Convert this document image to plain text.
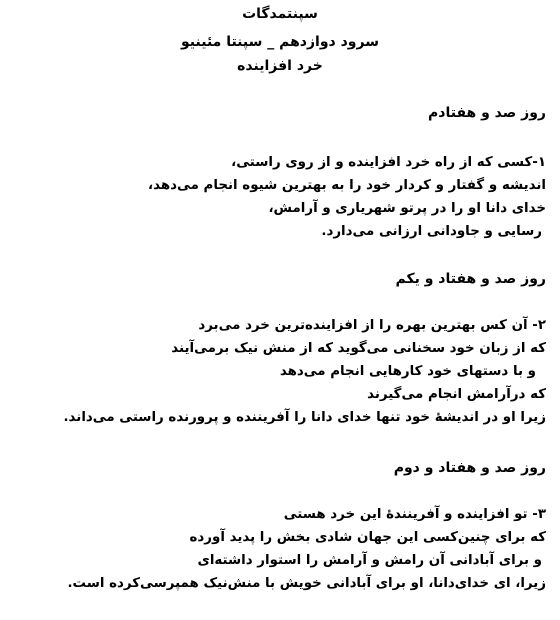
سپنتمدگات
سرود دوازدهم _ سپنتا مئینیو
خرد افزاینده
روز صد و هفتادم
۱-کسی که از راه خرد افزاینده و از روی راستی،
اندیشه و گفتار و کردار خود را به بهترین شیوه انجام می‌دهد،
خدای دانا او را در پرتو شهریاری و آرامش،
رسایی و جاودانی ارزانی می‌دارد.
روز صد و هفتاد و یکم
۲- آن کس بهترین بهره را از افزاینده‌ترین خرد می‌برد
که از زبان خود سخنانی می‌گوید که از منش نیک برمی‌آیند
و با دستهای خود کارهایی انجام می‌دهد
که درآرامش انجام می‌گیرند
زیرا او در اندیشهٔ خود تنها خدای دانا را آفریننده و پرورنده راستی می‌داند.
روز صد و هفتاد و دوم
۳- تو افزاینده و آفرینندهٔ این خرد هستی
که برای چنین‌کسی این جهان شادی بخش را پدید آورده
و برای آبادانی آن رامش و آرامش را استوار داشته‌ای
زیرا، ای خدای‌دانا، او برای آبادانی خویش با منش‌نیک همپرسی‌کرده است.
